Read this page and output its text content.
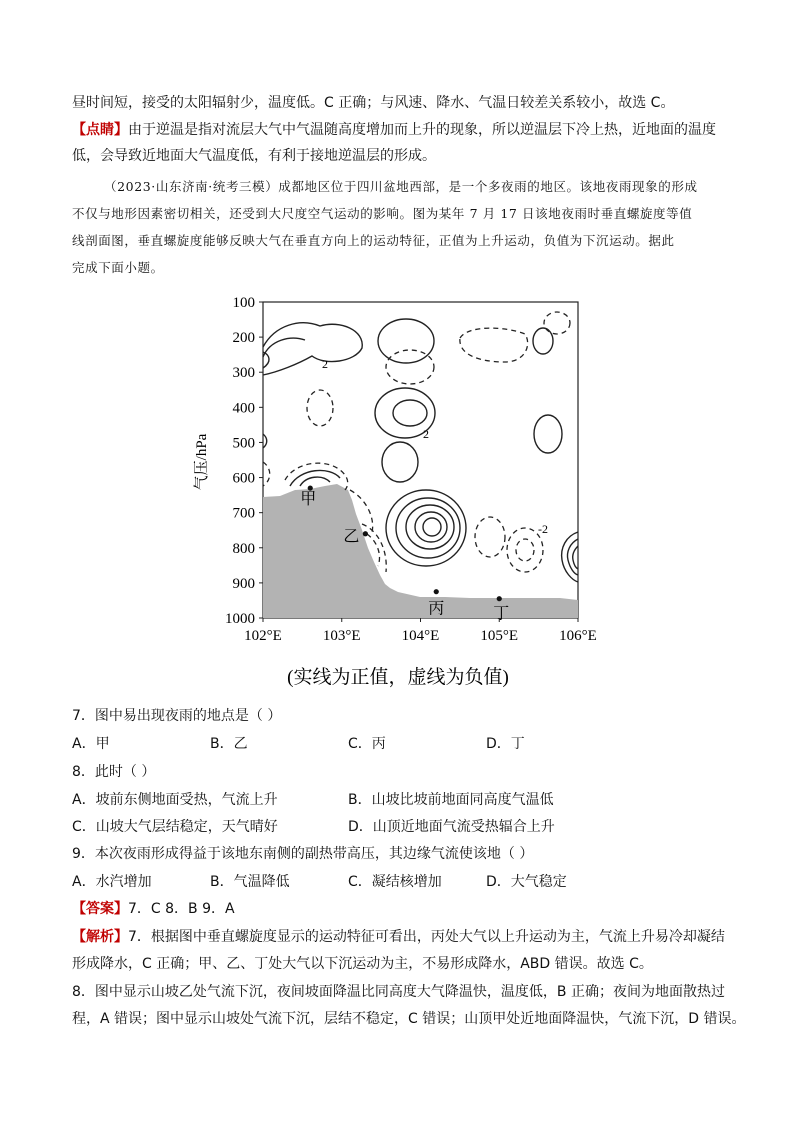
昼时间短，接受的太阳辐射少，温度低。C 正确；与风速、降水、气温日较差关系较小，故选 C。
【点睛】由于逆温是指对流层大气中气温随高度增加而上升的现象，所以逆温层下冷上热，近地面的温度
低，会导致近地面大气温度低，有利于接地逆温层的形成。
（2023·山东济南·统考三模）成都地区位于四川盆地西部，是一个多夜雨的地区。该地夜雨现象的形成
不仅与地形因素密切相关，还受到大尺度空气运动的影响。图为某年 7 月 17 日该地夜雨时垂直螺旋度等值
线剖面图，垂直螺旋度能够反映大气在垂直方向上的运动特征，正值为上升运动，负值为下沉运动。据此
完成下面小题。
2
2
-2
100
200
300
400
500
600
700
800
900
1000
102°E	103°E	104°E	105°E	106°E
气压/hPa
甲
乙
丙	丁
(实线为正值，虚线为负值)
7．图中易出现夜雨的地点是（ ）
A．甲	B．乙	C．丙	D．丁
8．此时（ ）
A．坡前东侧地面受热，气流上升	B．山坡比坡前地面同高度气温低
C．山坡大气层结稳定，天气晴好	D．山顶近地面气流受热辐合上升
9．本次夜雨形成得益于该地东南侧的副热带高压，其边缘气流使该地（ ）
A．水汽增加	B．气温降低	C．凝结核增加	D．大气稳定
【答案】7．C 8．B 9．A
【解析】7．根据图中垂直螺旋度显示的运动特征可看出，丙处大气以上升运动为主，气流上升易冷却凝结
形成降水，C 正确；甲、乙、丁处大气以下沉运动为主，不易形成降水，ABD 错误。故选 C。
8．图中显示山坡乙处气流下沉，夜间坡面降温比同高度大气降温快，温度低，B 正确；夜间为地面散热过
程，A 错误；图中显示山坡处气流下沉，层结不稳定，C 错误；山顶甲处近地面降温快，气流下沉，D 错误。
